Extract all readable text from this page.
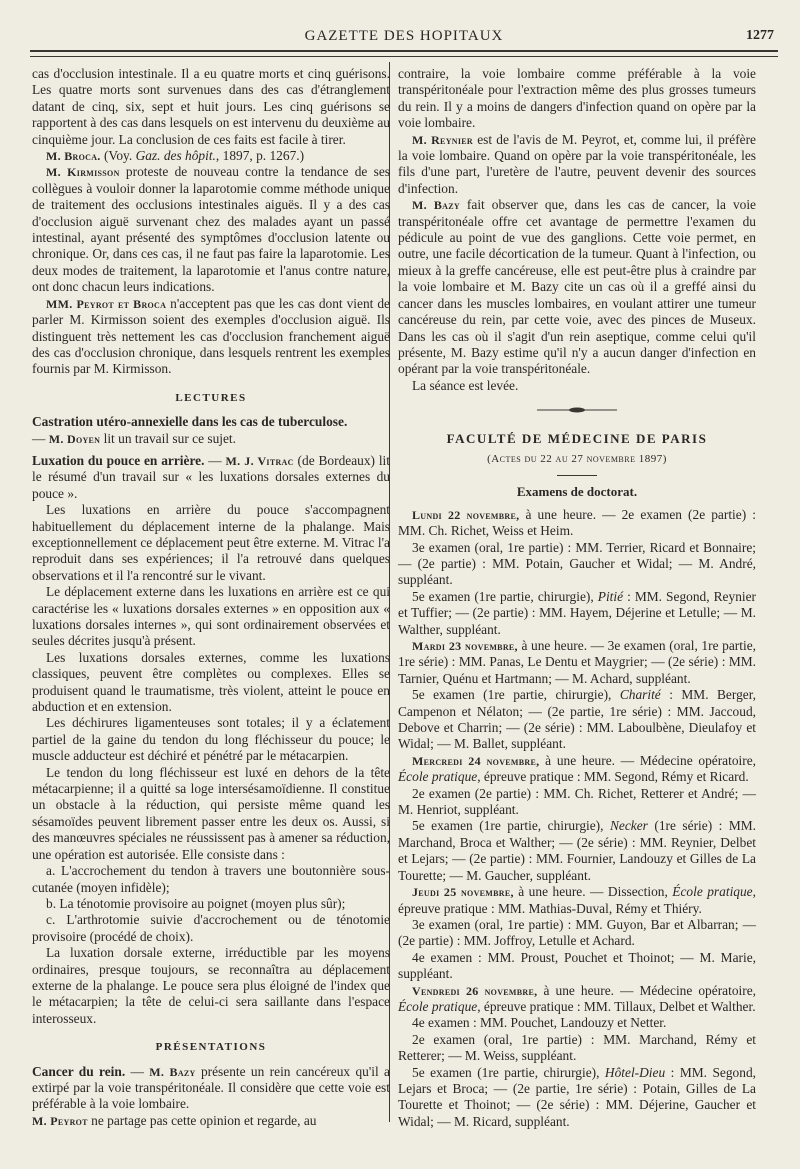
GAZETTE DES HOPITAUX	1277

cas d'occlusion intestinale. Il a eu quatre morts et cinq guérisons. Les quatre morts sont survenues dans des cas d'étranglement datant de cinq, six, sept et huit jours. Les cinq guérisons se rapportent à des cas dans lesquels on est intervenu du deuxième au cinquième jour. La conclusion de ces faits est facile à tirer.

M. Broca. (Voy. Gaz. des hôpit., 1897, p. 1267.)

M. Kirmisson proteste de nouveau contre la tendance de ses collègues à vouloir donner la laparotomie comme méthode unique de traitement des occlusions intestinales aiguës. Il y a des cas d'occlusion aiguë survenant chez des malades ayant un passé intestinal, ayant présenté des symptômes d'occlusion latente ou chronique. Or, dans ces cas, il ne faut pas faire la laparotomie. Les deux modes de traitement, la laparotomie et l'anus contre nature, ont donc chacun leurs indications.

MM. Peyrot et Broca n'acceptent pas que les cas dont vient de parler M. Kirmisson soient des exemples d'occlusion aiguë. Ils distinguent très nettement les cas d'occlusion franchement aiguë des cas d'occlusion chronique, dans lesquels rentrent les exemples fournis par M. Kirmisson.

LECTURES

Castration utéro-annexielle dans les cas de tuberculose.

— M. Doyen lit un travail sur ce sujet.

Luxation du pouce en arrière. — M. J. Vitrac (de Bordeaux) lit le résumé d'un travail sur « les luxations dorsales externes du pouce ».

Les luxations en arrière du pouce s'accompagnent habituellement du déplacement interne de la phalange. Mais exceptionnellement ce déplacement peut être externe. M. Vitrac l'a reproduit dans ses expériences; il l'a retrouvé dans quelques observations et il l'a rencontré sur le vivant.

Le déplacement externe dans les luxations en arrière est ce qui caractérise les « luxations dorsales externes » en opposition aux « luxations dorsales internes », qui sont ordinairement observées et seules décrites jusqu'à présent.

Les luxations dorsales externes, comme les luxations classiques, peuvent être complètes ou complexes. Elles se produisent quand le traumatisme, très violent, atteint le pouce en abduction et en extension.

Les déchirures ligamenteuses sont totales; il y a éclatement partiel de la gaine du tendon du long fléchisseur du pouce; le muscle adducteur est déchiré et pénétré par le métacarpien.

Le tendon du long fléchisseur est luxé en dehors de la tête métacarpienne; il a quitté sa loge intersésamoïdienne. Il constitue un obstacle à la réduction, qui persiste même quand les sésamoïdes peuvent librement passer entre les deux os. Aussi, si des manœuvres spéciales ne réussissent pas à amener sa réduction, une opération est autorisée. Elle consiste dans :

a. L'accrochement du tendon à travers une boutonnière sous-cutanée (moyen infidèle);

b. La ténotomie provisoire au poignet (moyen plus sûr);

c. L'arthrotomie suivie d'accrochement ou de ténotomie provisoire (procédé de choix).

La luxation dorsale externe, irréductible par les moyens ordinaires, presque toujours, se reconnaîtra au déplacement externe de la phalange. Le pouce sera plus éloigné de l'index que le métacarpien; la tête de celui-ci sera saillante dans l'espace interosseux.

PRÉSENTATIONS

Cancer du rein. — M. Bazy présente un rein cancéreux qu'il a extirpé par la voie transpéritonéale. Il considère que cette voie est préférable à la voie lombaire.

M. Peyrot ne partage pas cette opinion et regarde, au

contraire, la voie lombaire comme préférable à la voie transpéritonéale pour l'extraction même des plus grosses tumeurs du rein. Il y a moins de dangers d'infection quand on opère par la voie lombaire.

M. Reynier est de l'avis de M. Peyrot, et, comme lui, il préfère la voie lombaire. Quand on opère par la voie transpéritonéale, les fils d'une part, l'uretère de l'autre, peuvent devenir des sources d'infection.

M. Bazy fait observer que, dans les cas de cancer, la voie transpéritonéale offre cet avantage de permettre l'examen du pédicule au point de vue des ganglions. Cette voie permet, en outre, une facile décortication de la tumeur. Quant à l'infection, ou mieux à la greffe cancéreuse, elle est peut-être plus à craindre par la voie lombaire et M. Bazy cite un cas où il a greffé ainsi du cancer dans les muscles lombaires, en voulant attirer une tumeur cancéreuse du rein, par cette voie, avec des pinces de Museux. Dans les cas où il s'agit d'un rein aseptique, comme celui qu'il présente, M. Bazy estime qu'il n'y a aucun danger d'infection en opérant par la voie transpéritonéale.

La séance est levée.

FACULTÉ DE MÉDECINE DE PARIS
(Actes du 22 au 27 novembre 1897)
Examens de doctorat.

Lundi 22 novembre, à une heure. — 2e examen (2e partie) : MM. Ch. Richet, Weiss et Heim.

3e examen (oral, 1re partie) : MM. Terrier, Ricard et Bonnaire; — (2e partie) : MM. Potain, Gaucher et Widal; — M. André, suppléant.

5e examen (1re partie, chirurgie), Pitié : MM. Segond, Reynier et Tuffier; — (2e partie) : MM. Hayem, Déjerine et Letulle; — M. Walther, suppléant.

Mardi 23 novembre, à une heure. — 3e examen (oral, 1re partie, 1re série) : MM. Panas, Le Dentu et Maygrier; — (2e série) : MM. Tarnier, Quénu et Hartmann; — M. Achard, suppléant.

5e examen (1re partie, chirurgie), Charité : MM. Berger, Campenon et Nélaton; — (2e partie, 1re série) : MM. Jaccoud, Debove et Charrin; — (2e série) : MM. Laboulbène, Dieulafoy et Widal; — M. Ballet, suppléant.

Mercredi 24 novembre, à une heure. — Médecine opératoire, École pratique, épreuve pratique : MM. Segond, Rémy et Ricard.

2e examen (2e partie) : MM. Ch. Richet, Retterer et André; — M. Henriot, suppléant.

5e examen (1re partie, chirurgie), Necker (1re série) : MM. Marchand, Broca et Walther; — (2e série) : MM. Reynier, Delbet et Lejars; — (2e partie) : MM. Fournier, Landouzy et Gilles de La Tourette; — M. Gaucher, suppléant.

Jeudi 25 novembre, à une heure. — Dissection, École pratique, épreuve pratique : MM. Mathias-Duval, Rémy et Thiéry.

3e examen (oral, 1re partie) : MM. Guyon, Bar et Albarran; — (2e partie) : MM. Joffroy, Letulle et Achard.

4e examen : MM. Proust, Pouchet et Thoinot; — M. Marie, suppléant.

Vendredi 26 novembre, à une heure. — Médecine opératoire, École pratique, épreuve pratique : MM. Tillaux, Delbet et Walther.

4e examen : MM. Pouchet, Landouzy et Netter.

2e examen (oral, 1re partie) : MM. Marchand, Rémy et Retterer; — M. Weiss, suppléant.

5e examen (1re partie, chirurgie), Hôtel-Dieu : MM. Segond, Lejars et Broca; — (2e partie, 1re série) : Potain, Gilles de La Tourette et Thoinot; — (2e série) : MM. Déjerine, Gaucher et Widal; — M. Ricard, suppléant.
